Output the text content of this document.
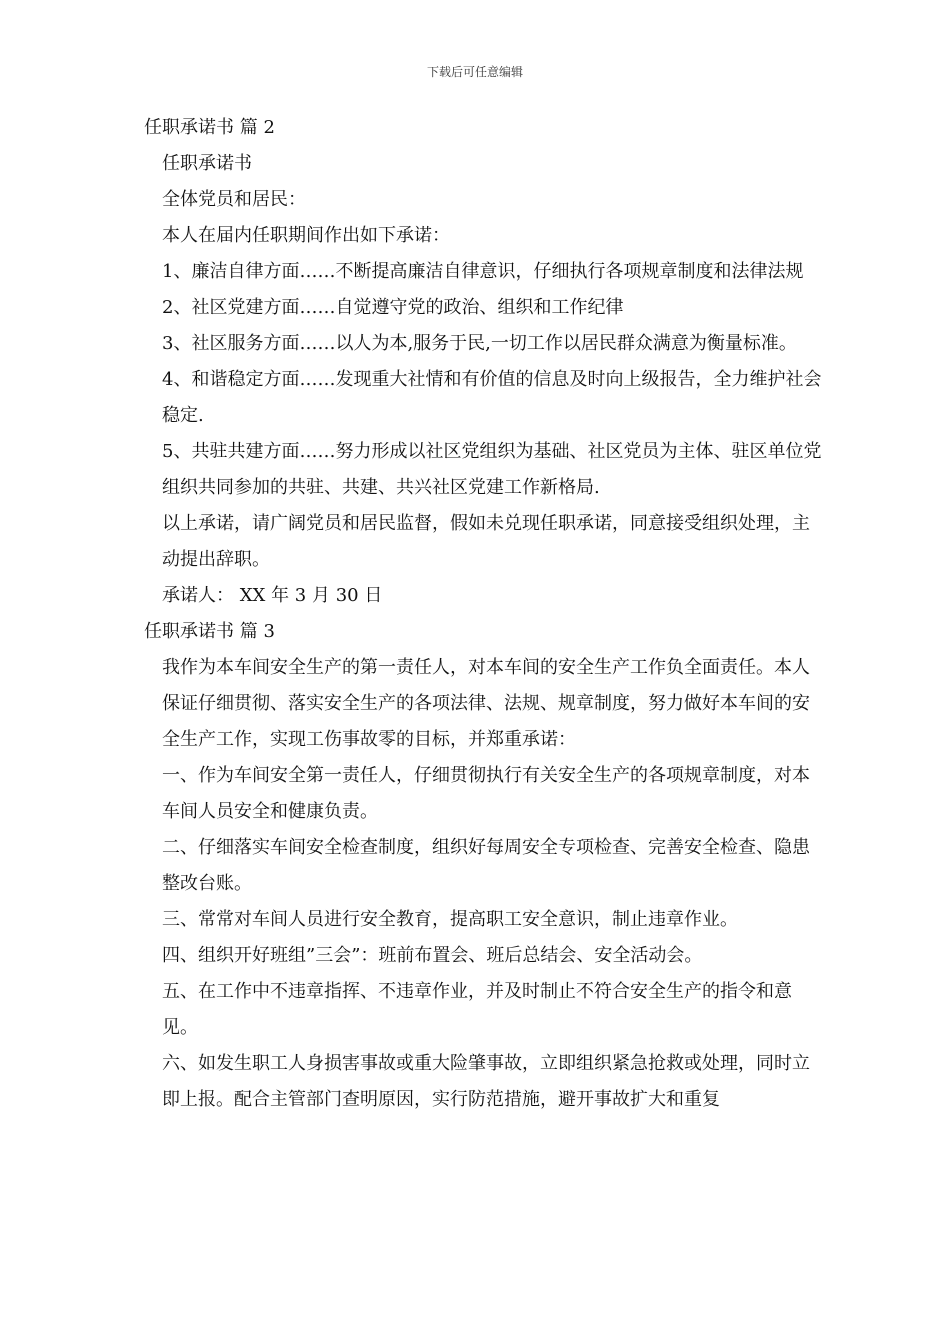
下载后可任意编辑

任职承诺书 篇 2

任职承诺书

全体党员和居民：

本人在届内任职期间作出如下承诺：

1、廉洁自律方面……不断提高廉洁自律意识，仔细执行各项规章制度和法律法规

2、社区党建方面……自觉遵守党的政治、组织和工作纪律

3、社区服务方面……以人为本,服务于民,一切工作以居民群众满意为衡量标准。

4、和谐稳定方面……发现重大社情和有价值的信息及时向上级报告，全力维护社会稳定.

5、共驻共建方面……努力形成以社区党组织为基础、社区党员为主体、驻区单位党组织共同参加的共驻、共建、共兴社区党建工作新格局.

以上承诺，请广阔党员和居民监督，假如未兑现任职承诺，同意接受组织处理，主动提出辞职。

承诺人： XX 年 3 月 30 日

任职承诺书 篇 3

我作为本车间安全生产的第一责任人，对本车间的安全生产工作负全面责任。本人保证仔细贯彻、落实安全生产的各项法律、法规、规章制度，努力做好本车间的安全生产工作，实现工伤事故零的目标，并郑重承诺：

一、作为车间安全第一责任人，仔细贯彻执行有关安全生产的各项规章制度，对本车间人员安全和健康负责。

二、仔细落实车间安全检查制度，组织好每周安全专项检查、完善安全检查、隐患整改台账。

三、常常对车间人员进行安全教育，提高职工安全意识，制止违章作业。

四、组织开好班组”三会”：班前布置会、班后总结会、安全活动会。

五、在工作中不违章指挥、不违章作业，并及时制止不符合安全生产的指令和意见。

六、如发生职工人身损害事故或重大险肇事故，立即组织紧急抢救或处理，同时立即上报。配合主管部门查明原因，实行防范措施，避开事故扩大和重复
